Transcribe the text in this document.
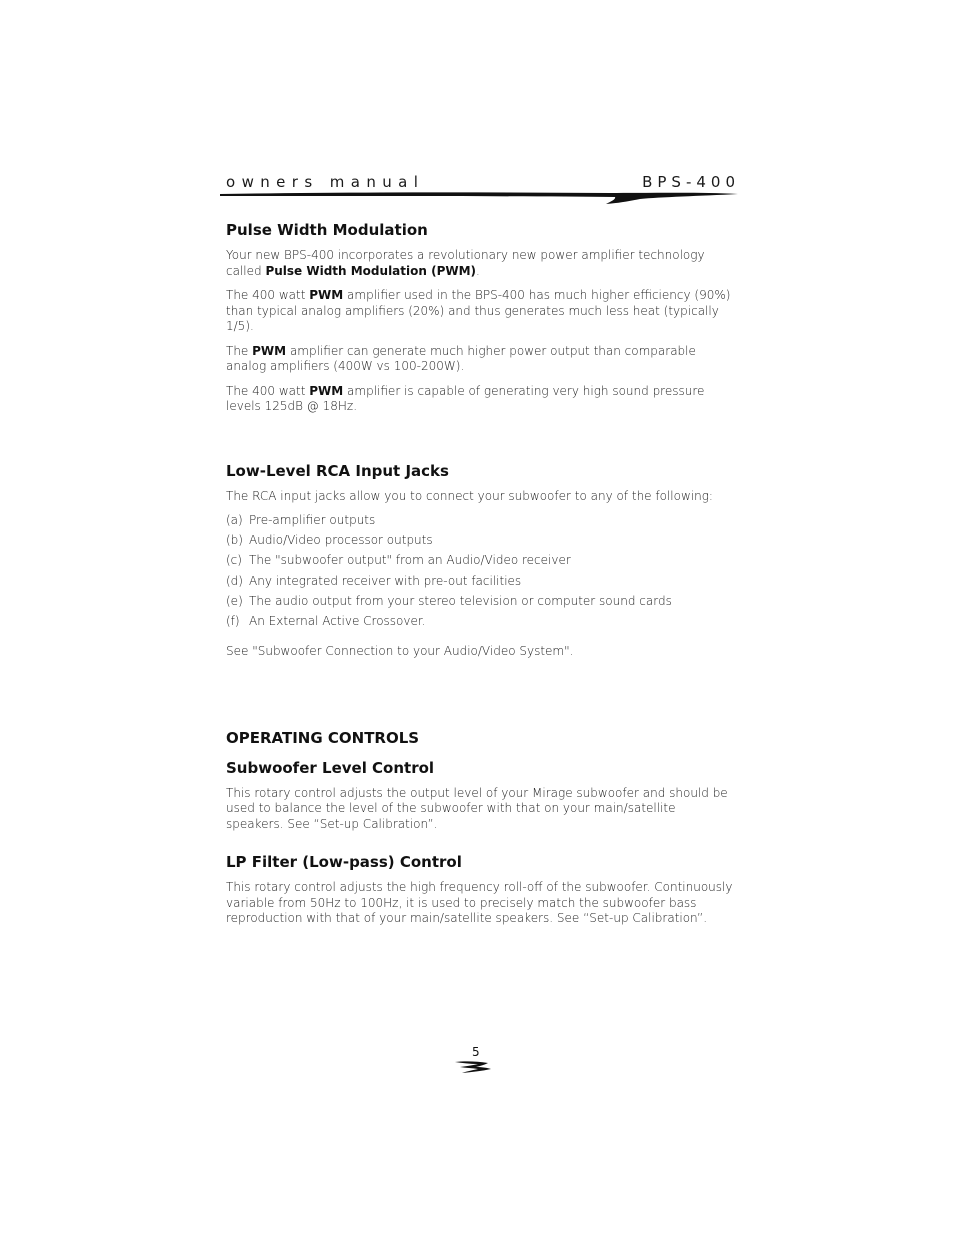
owners manual	BPS-400
Pulse Width Modulation

Your new BPS-400 incorporates a revolutionary new power amplifier technology called Pulse Width Modulation (PWM).

The 400 watt PWM amplifier used in the BPS-400 has much higher efficiency (90%) than typical analog amplifiers (20%) and thus generates much less heat (typically 1/5).

The PWM amplifier can generate much higher power output than comparable analog amplifiers (400W vs 100-200W).

The 400 watt PWM amplifier is capable of generating very high sound pressure levels 125dB @ 18Hz.

Low-Level RCA Input Jacks

The RCA input jacks allow you to connect your subwoofer to any of the following:

(a) Pre-amplifier outputs
(b) Audio/Video processor outputs
(c) The "subwoofer output" from an Audio/Video receiver
(d) Any integrated receiver with pre-out facilities
(e) The audio output from your stereo television or computer sound cards
(f) An External Active Crossover.

See "Subwoofer Connection to your Audio/Video System".

OPERATING CONTROLS
Subwoofer Level Control

This rotary control adjusts the output level of your Mirage subwoofer and should be used to balance the level of the subwoofer with that on your main/satellite speakers. See “Set-up Calibration”.

LP Filter (Low-pass) Control

This rotary control adjusts the high frequency roll-off of the subwoofer. Continuously variable from 50Hz to 100Hz, it is used to precisely match the subwoofer bass reproduction with that of your main/satellite speakers. See “Set-up Calibration”.

5
